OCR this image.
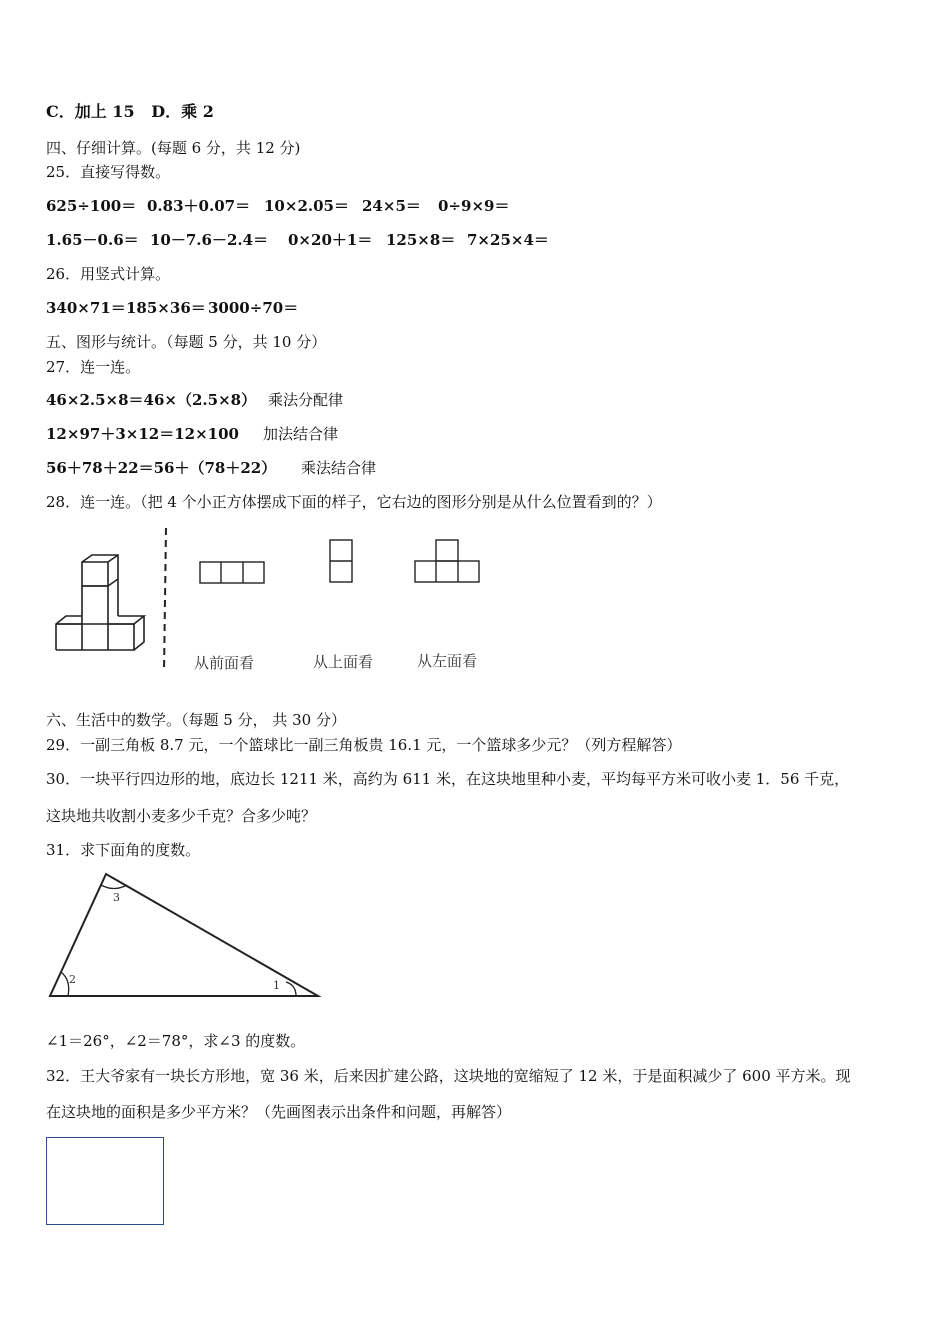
C．加上 15 D．乘 2
四、仔细计算。(每题 6 分，共 12 分)
25．直接写得数。
625÷100＝ 0.83＋0.07＝ 10×2.05＝ 24×5＝ 0÷9×9＝
1.65－0.6＝ 10－7.6－2.4＝ 0×20＋1＝ 125×8＝ 7×25×4＝
26．用竖式计算。
340×71＝185×36＝ 3000÷70＝
五、图形与统计。（每题 5 分，共 10 分）
27．连一连。
46×2.5×8＝46×（2.5×8） 乘法分配律
12×97＋3×12＝12×100 加法结合律
56＋78＋22＝56＋（78＋22） 乘法结合律
28．连一连。（把 4 个小正方体摆成下面的样子，它右边的图形分别是从什么位置看到的？）
从前面看	从上面看	从左面看
六、生活中的数学。（每题 5 分， 共 30 分）
29．一副三角板 8.7 元，一个篮球比一副三角板贵 16.1 元，一个篮球多少元？（列方程解答）
30．一块平行四边形的地，底边长 1211 米，高约为 611 米，在这块地里种小麦，平均每平方米可收小麦 1．56 千克，
这块地共收割小麦多少千克？合多少吨？
31．求下面角的度数。
3
2	1
∠1＝26°，∠2＝78°，求∠3 的度数。
32．王大爷家有一块长方形地，宽 36 米，后来因扩建公路，这块地的宽缩短了 12 米，于是面积减少了 600 平方米。现
在这块地的面积是多少平方米？（先画图表示出条件和问题，再解答）
